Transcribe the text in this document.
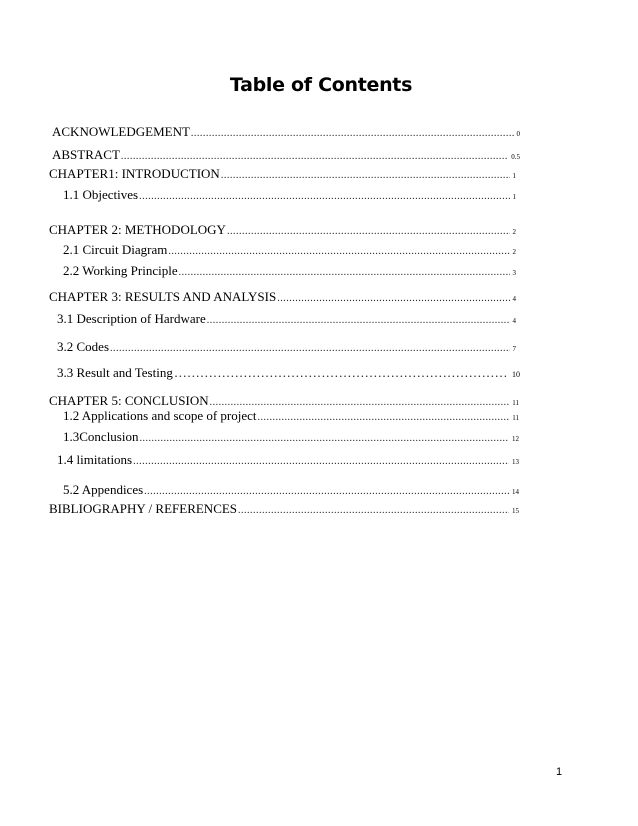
Table of Contents
ACKNOWLEDGEMENT .....	0
ABSTRACT .....	0.5
CHAPTER1: INTRODUCTION .....	1
1.1 Objectives .....	1
CHAPTER 2: METHODOLOGY .....	2
2.1 Circuit Diagram .....	2
2.2 Working Principle .....	3
CHAPTER 3: RESULTS AND ANALYSIS .....	4
3.1 Description of Hardware .....	4
3.2 Codes .....	7
3.3 Result and Testing ……………………………………………………………………………………………………………………………………	10
CHAPTER 5: CONCLUSION .....	11
1.2 Applications and scope of project .....	11
1.3Conclusion .....	12
1.4 limitations .....	13
5.2 Appendices .....	14
BIBLIOGRAPHY / REFERENCES .....	15
1
